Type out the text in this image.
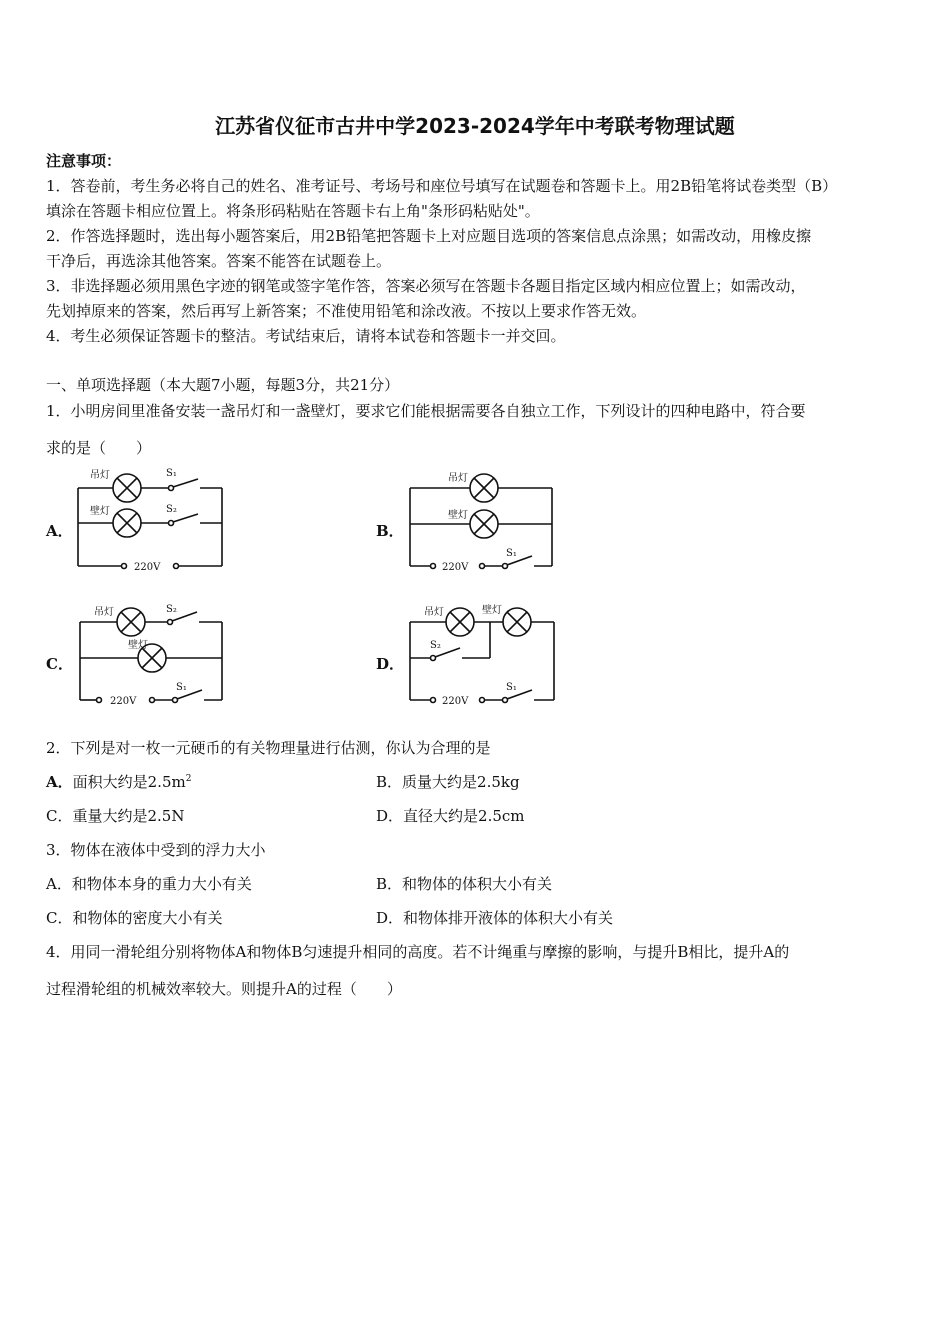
江苏省仪征市古井中学2023-2024学年中考联考物理试题
注意事项：
1．答卷前，考生务必将自己的姓名、准考证号、考场号和座位号填写在试题卷和答题卡上。用2B铅笔将试卷类型（B）
填涂在答题卡相应位置上。将条形码粘贴在答题卡右上角"条形码粘贴处"。
2．作答选择题时，选出每小题答案后，用2B铅笔把答题卡上对应题目选项的答案信息点涂黑；如需改动，用橡皮擦
干净后，再选涂其他答案。答案不能答在试题卷上。
3．非选择题必须用黑色字迹的钢笔或签字笔作答，答案必须写在答题卡各题目指定区域内相应位置上；如需改动，
先划掉原来的答案，然后再写上新答案；不准使用铅笔和涂改液。不按以上要求作答无效。
4．考生必须保证答题卡的整洁。考试结束后，请将本试卷和答题卡一并交回。
一、单项选择题（本大题7小题，每题3分，共21分）
1．小明房间里准备安装一盏吊灯和一盏壁灯，要求它们能根据需要各自独立工作，下列设计的四种电路中，符合要
求的是（　　）
A．	B．
C．	D．
吊灯	S₁
壁灯	S₂
220V
吊灯
壁灯
220V
S₁
吊灯	S₂
壁灯
220V
S₁
吊灯	壁灯
S₂
220V
S₁
2．下列是对一枚一元硬币的有关物理量进行估测，你认为合理的是
A．面积大约是$2.5m^2$	B．质量大约是2.5kg
C．重量大约是2.5N	D．直径大约是2.5cm
3．物体在液体中受到的浮力大小
A．和物体本身的重力大小有关	B．和物体的体积大小有关
C．和物体的密度大小有关	D．和物体排开液体的体积大小有关
4．用同一滑轮组分别将物体A和物体B匀速提升相同的高度。若不计绳重与摩擦的影响，与提升B相比，提升A的
过程滑轮组的机械效率较大。则提升A的过程（　　）
